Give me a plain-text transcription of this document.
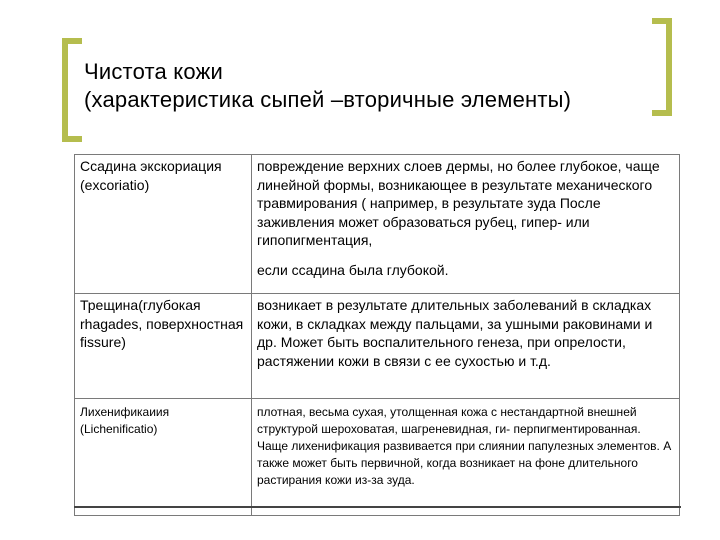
Чистота кожи
(характеристика сыпей –вторичные элементы)
Ссадина экскориация (excoriatio)	повреждение верхних слоев дермы, но более глубокое, чаще линейной формы, возникающее в результате механического травмирования ( например, в результате зуда После заживления может образоваться рубец, гипер- или гипопигментация,
если ссадина была глубокой.

Трещина(глубокая rhagades, поверхностная fissure)	возникает в результате длительных заболеваний в складках кожи, в складках между пальцами, за ушными раковинами и др. Может быть воспалительного генеза, при опрелости, растяжении кожи в связи с ее сухостью и т.д.
Лихенификаиия (Lichenificatio)	плотная, весьма сухая, утолщенная кожа с нестандартной внешней структурой шероховатая, шагреневидная, ги- перпигментированная. Чаще лихенификация развивается при слиянии папулезных элементов. А также может быть первичной, когда возникает на фоне длительного растирания кожи из-за зуда.
